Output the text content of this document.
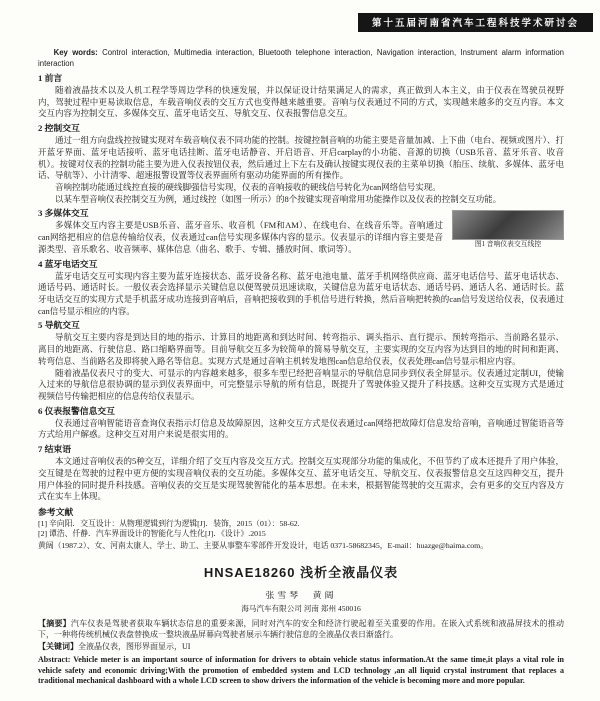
第十五届河南省汽车工程科技学术研讨会

Key words: Control interaction, Multimedia interaction, Bluetooth telephone interaction, Navigation interaction, Instrument alarm information interaction

1 前言

随着液晶技术以及人机工程学等周边学科的快速发展，并以保证设计结果满足人的需求，真正做到人本主义，由于仪表在驾驶员视野内，驾驶过程中更易读取信息，车载音响仪表的交互方式也变得越来越重要。音响与仪表通过不同的方式，实现越来越多的交互内容。本文交互内容为控制交互、多媒体交互、蓝牙电话交互、导航交互、仪表报警信息交互。

2 控制交互

通过一组方向盘线控按键实现对车载音响仪表不同功能的控制。按键控制音响的功能主要是音量加减、上下曲（电台、视频或图片）、打开蓝牙界面、蓝牙电话接听、蓝牙电话挂断、蓝牙电话静音、开启语音、开启carplay的小功能、音源的切换（USB乐音、蓝牙乐音、收音机）。按键对仪表的控制功能主要为进入仪表按钮仪表，然后通过上下左右及确认按键实现仪表的主菜单切换（胎压、续航、多媒体、蓝牙电话、导航等）、小计清零、超速报警设置等仪表界面所有驱动功能界面的所有操作。

音响控制功能通过线控直接的硬线脚强信号实现，仪表的音响接收的硬线信号转化为can网络信号实现。

以某车型音响仪表控制交互为例，通过线控（如图一所示）的8个按键实现音响常用功能操作以及仪表的控制交互功能。

图1 音响仪表交互线控
3 多媒体交互

多媒体交互内容主要是USB乐音、蓝牙音乐、收音机（FM和AM）、在线电台、在线音乐等。音响通过can网络把相应的信息传输给仪表，仪表通过can信号实现多媒体内容的显示。仪表显示的详细内容主要是音源类型、音乐歌名、收音频率、媒体信息（曲名、歌手、专辑、播放时间、歌词等）。

4 蓝牙电话交互

蓝牙电话交互可实现内容主要为蓝牙连接状态、蓝牙设备名称、蓝牙电池电量、蓝牙手机网络供应商、蓝牙电话信号、蓝牙电话状态、通话号码、通话时长。一般仪表会选择显示关键信息以便驾驶员迅速读取，关键信息为蓝牙电话状态、通话号码、通话人名、通话时长。蓝牙电话交互的实现方式是手机蓝牙成功连接到音响后，音响把接收到的手机信号进行转换，然后音响把转换的can信号发送给仪表，仪表通过can信号显示相应的内容。

5 导航交互

导航交互主要内容是到达目的地的指示、计算目的地距离和到达时间、转弯指示、调头指示、直行提示、预转弯指示、当前路名显示、离目的地距离、行驶信息、路口缩略界面等。目前导航交互多为较简单的简易导航交互，主要实现的交互内容为达到目的地的时间和距离、转弯信息、当前路名及即将驶入路名等信息。实现方式是通过音响主机转发地图can信息给仪表，仪表处理can信号显示相应内容。

随着液晶仪表尺寸的变大、可显示的内容越来越多，很多车型已经把音响显示的导航信息同步到仪表全屏显示。仪表通过定制UI，使输入过来的导航信息很协调的显示到仪表界面中，可完整显示导航的所有信息，既提升了驾驶体验又提升了科技感。这种交互实现方式是通过视频信号传输把相应的信息传给仪表显示。

6 仪表报警信息交互

仪表通过音响智能语音查询仪表指示灯信息及故障原因，这种交互方式是仪表通过can网络把故障灯信息发给音响，音响通过智能语音等方式给用户解惑。这种交互对用户来说是很实用的。

7 结束语

本文通过音响仪表的5种交互，详细介绍了交互内容及交互方式。控制交互实现部分功能的集成化，不但节约了成本还提升了用户体验，交互键是在驾驶的过程中更方便的实现音响仪表的交互功能。多媒体交互、蓝牙电话交互、导航交互、仪表报警信息交互这四种交互，提升用户体验的同时提升科技感。音响仪表的交互是实现驾驶智能化的基本思想。在未来，根据智能驾驶的交互需求，会有更多的交互内容及方式在实车上体现。

参考文献

[1] 辛向阳．交互设计：从物理逻辑到行为逻辑[J]．装饰，2015（01）：58-62.

[2] 谭浩、仟静．汽车界面设计的智能化与人性化[J]．《设计》.2015

黄阔（1987.2）、女、河南太康人、学士、助工、主要从事整车零部件开发设计，电话 0371-58682345，E-mail：huazge@haima.com。

HNSAE18260 浅析全液晶仪表
张雪琴　黄阔
海马汽车有限公司 河南 郑州 450016

【摘要】汽车仪表是驾驶者获取车辆状态信息的重要来源，同时对汽车的安全和经济行驶起着至关重要的作用。在嵌入式系统和液晶屏技术的推动下，一种将传统机械仪表盘替换成一整块液晶屏幕向驾驶者展示车辆行驶信息的全液晶仪表日渐盛行。

【关键词】全液晶仪表，图形界面显示，UI

Abstract: Vehicle meter is an important source of information for drivers to obtain vehicle status information.At the same time,it plays a vital role in vehicle safety and economic driving;With the promotion of embedded system and LCD technology ,an all liquid crystal instrument that replaces a traditional mechanical dashboard with a whole LCD screen to show drivers the information of the vehicle is becoming more and more popular.
